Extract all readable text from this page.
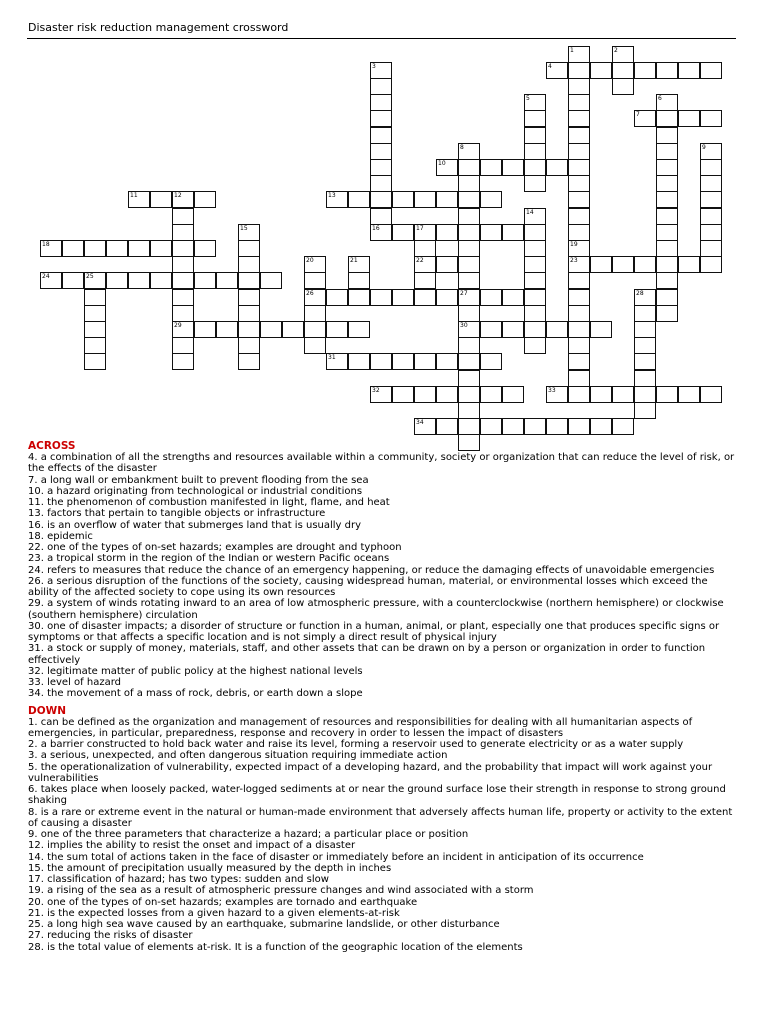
Disaster risk reduction management crossword
1	2
3	4
5	6
7
8	9
10
11	12	13
14
15	16	17
18	19
20	21	22	23
24	25
26	27	28
29	30
31
32	33
34
ACROSS
4. a combination of all the strengths and resources available within a community, society or organization that can reduce the level of risk, or the effects of the disaster
7. a long wall or embankment built to prevent flooding from the sea
10. a hazard originating from technological or industrial conditions
11. the phenomenon of combustion manifested in light, flame, and heat
13. factors that pertain to tangible objects or infrastructure
16. is an overflow of water that submerges land that is usually dry
18. epidemic
22. one of the types of on-set hazards; examples are drought and typhoon
23. a tropical storm in the region of the Indian or western Pacific oceans
24. refers to measures that reduce the chance of an emergency happening, or reduce the damaging effects of unavoidable emergencies
26. a serious disruption of the functions of the society, causing widespread human, material, or environmental losses which exceed the ability of the affected society to cope using its own resources
29. a system of winds rotating inward to an area of low atmospheric pressure, with a counterclockwise (northern hemisphere) or clockwise (southern hemisphere) circulation
30. one of disaster impacts; a disorder of structure or function in a human, animal, or plant, especially one that produces specific signs or symptoms or that affects a specific location and is not simply a direct result of physical injury
31. a stock or supply of money, materials, staff, and other assets that can be drawn on by a person or organization in order to function effectively
32. legitimate matter of public policy at the highest national levels
33. level of hazard
34. the movement of a mass of rock, debris, or earth down a slope
DOWN
1. can be defined as the organization and management of resources and responsibilities for dealing with all humanitarian aspects of emergencies, in particular, preparedness, response and recovery in order to lessen the impact of disasters
2. a barrier constructed to hold back water and raise its level, forming a reservoir used to generate electricity or as a water supply
3. a serious, unexpected, and often dangerous situation requiring immediate action
5. the operationalization of vulnerability, expected impact of a developing hazard, and the probability that impact will work against your vulnerabilities
6. takes place when loosely packed, water-logged sediments at or near the ground surface lose their strength in response to strong ground shaking
8. is a rare or extreme event in the natural or human-made environment that adversely affects human life, property or activity to the extent of causing a disaster
9. one of the three parameters that characterize a hazard; a particular place or position
12. implies the ability to resist the onset and impact of a disaster
14. the sum total of actions taken in the face of disaster or immediately before an incident in anticipation of its occurrence
15. the amount of precipitation usually measured by the depth in inches
17. classification of hazard; has two types: sudden and slow
19. a rising of the sea as a result of atmospheric pressure changes and wind associated with a storm
20. one of the types of on-set hazards; examples are tornado and earthquake
21. is the expected losses from a given hazard to a given elements-at-risk
25. a long high sea wave caused by an earthquake, submarine landslide, or other disturbance
27. reducing the risks of disaster
28. is the total value of elements at-risk. It is a function of the geographic location of the elements
